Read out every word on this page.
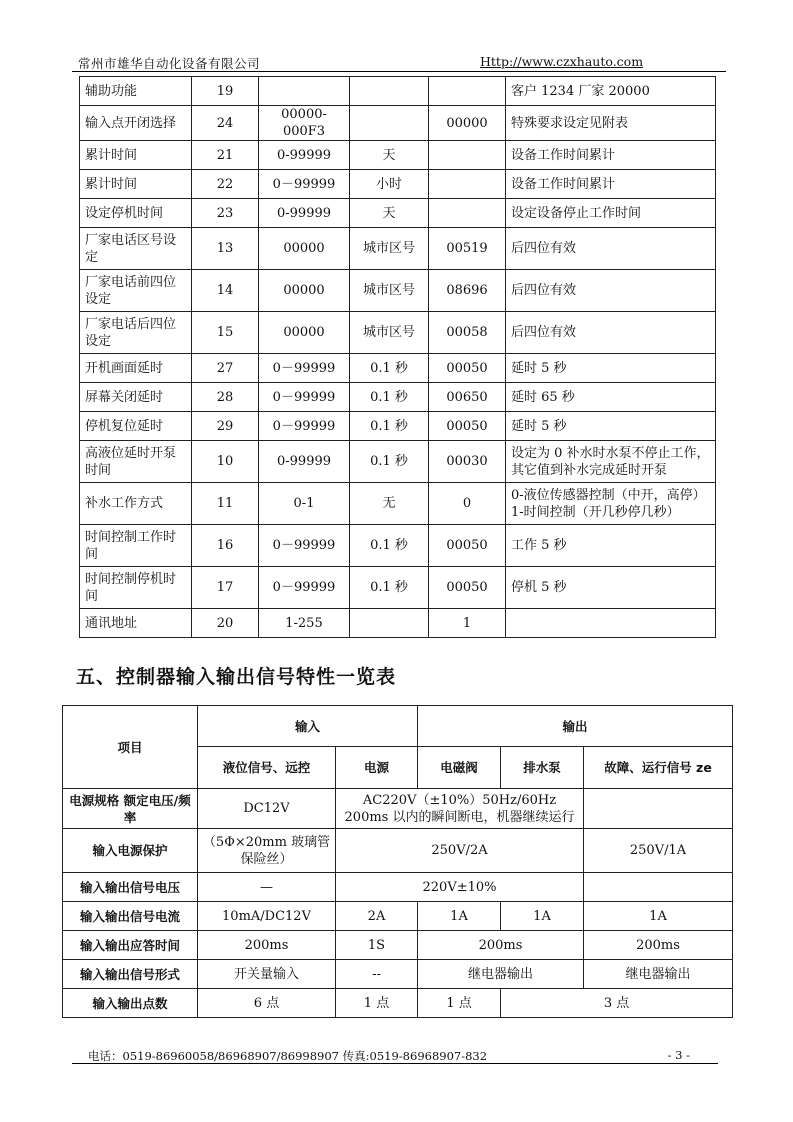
常州市雄华自动化设备有限公司	Http://www.czxhauto.com
辅助功能	19				客户 1234 厂家 20000
输入点开闭选择	24	00000-000F3		00000	特殊要求设定见附表
累计时间	21	0-99999	天		设备工作时间累计
累计时间	22	0－99999	小时		设备工作时间累计
设定停机时间	23	0-99999	天		设定设备停止工作时间
厂家电话区号设定	13	00000	城市区号	00519	后四位有效
厂家电话前四位设定	14	00000	城市区号	08696	后四位有效
厂家电话后四位设定	15	00000	城市区号	00058	后四位有效
开机画面延时	27	0－99999	0.1 秒	00050	延时 5 秒
屏幕关闭延时	28	0－99999	0.1 秒	00650	延时 65 秒
停机复位延时	29	0－99999	0.1 秒	00050	延时 5 秒
高液位延时开泵时间	10	0-99999	0.1 秒	00030	设定为 0 补水时水泵不停止工作，其它值到补水完成延时开泵
补水工作方式	11	0-1	无	0	0-液位传感器控制（中开，高停）1-时间控制（开几秒停几秒）
时间控制工作时间	16	0－99999	0.1 秒	00050	工作 5 秒
时间控制停机时间	17	0－99999	0.1 秒	00050	停机 5 秒
通讯地址	20	1-255		1	
五、控制器输入输出信号特性一览表
项目	输入		输出		
	液位信号、远控	电源	电磁阀	排水泵	故障、运行信号 ze
电源规格 额定电压/频率	DC12V	AC220V（±10%）50Hz/60Hz 200ms 以内的瞬间断电，机器继续运行			
输入电源保护	（5Φ×20mm 玻璃管保险丝）	250V/2A			250V/1A
输入输出信号电压	—	220V±10%			
输入输出信号电流	10mA/DC12V	2A	1A	1A	1A
输入输出应答时间	200ms	1S	200ms		200ms
输入输出信号形式	开关量输入	--	继电器输出		继电器输出
输入输出点数	6 点	1 点	1 点	3 点	
电话：0519-86960058/86968907/86998907 传真:0519-86968907-832	- 3 -
